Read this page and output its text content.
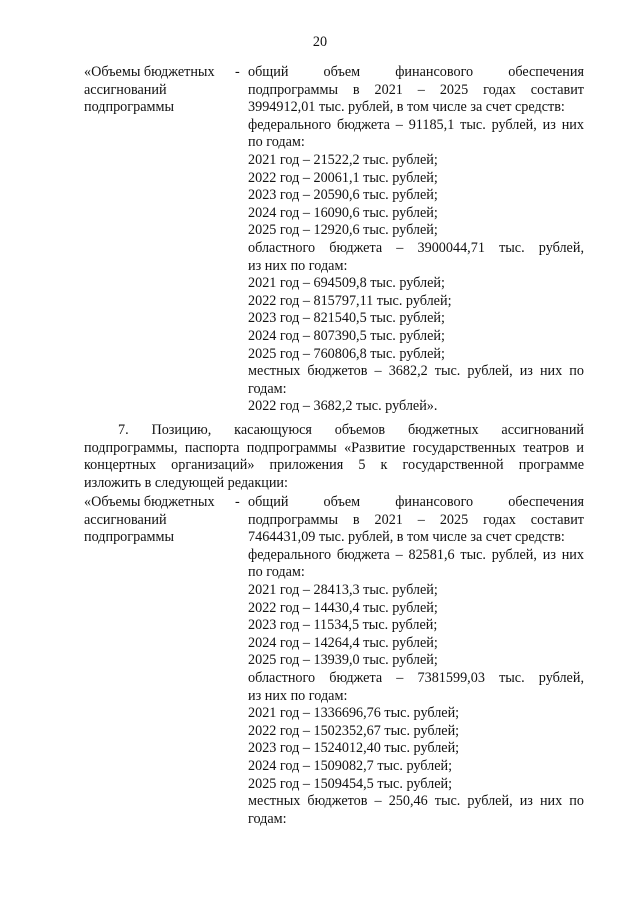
20
«Объемы бюджетных
ассигнований
подпрограммы
- общий объем финансового обеспечения
подпрограммы в 2021 – 2025 годах составит
3994912,01 тыс. рублей, в том числе за счет средств:
федерального бюджета – 91185,1 тыс. рублей, из них
по годам:
2021 год – 21522,2 тыс. рублей;
2022 год – 20061,1 тыс. рублей;
2023 год – 20590,6 тыс. рублей;
2024 год – 16090,6 тыс. рублей;
2025 год – 12920,6 тыс. рублей;
областного бюджета – 3900044,71 тыс. рублей,
из них по годам:
2021 год – 694509,8 тыс. рублей;
2022 год – 815797,11 тыс. рублей;
2023 год – 821540,5 тыс. рублей;
2024 год – 807390,5 тыс. рублей;
2025 год – 760806,8 тыс. рублей;
местных бюджетов – 3682,2 тыс. рублей, из них по
годам:
2022 год – 3682,2 тыс. рублей».
7. Позицию, касающуюся объемов бюджетных ассигнований
подпрограммы, паспорта подпрограммы «Развитие государственных театров и
концертных организаций» приложения 5 к государственной программе
изложить в следующей редакции:
«Объемы бюджетных
ассигнований
подпрограммы
- общий объем финансового обеспечения
подпрограммы в 2021 – 2025 годах составит
7464431,09 тыс. рублей, в том числе за счет средств:
федерального бюджета – 82581,6 тыс. рублей, из них
по годам:
2021 год – 28413,3 тыс. рублей;
2022 год – 14430,4 тыс. рублей;
2023 год – 11534,5 тыс. рублей;
2024 год – 14264,4 тыс. рублей;
2025 год – 13939,0 тыс. рублей;
областного бюджета – 7381599,03 тыс. рублей,
из них по годам:
2021 год – 1336696,76 тыс. рублей;
2022 год – 1502352,67 тыс. рублей;
2023 год – 1524012,40 тыс. рублей;
2024 год – 1509082,7 тыс. рублей;
2025 год – 1509454,5 тыс. рублей;
местных бюджетов – 250,46 тыс. рублей, из них по
годам:
